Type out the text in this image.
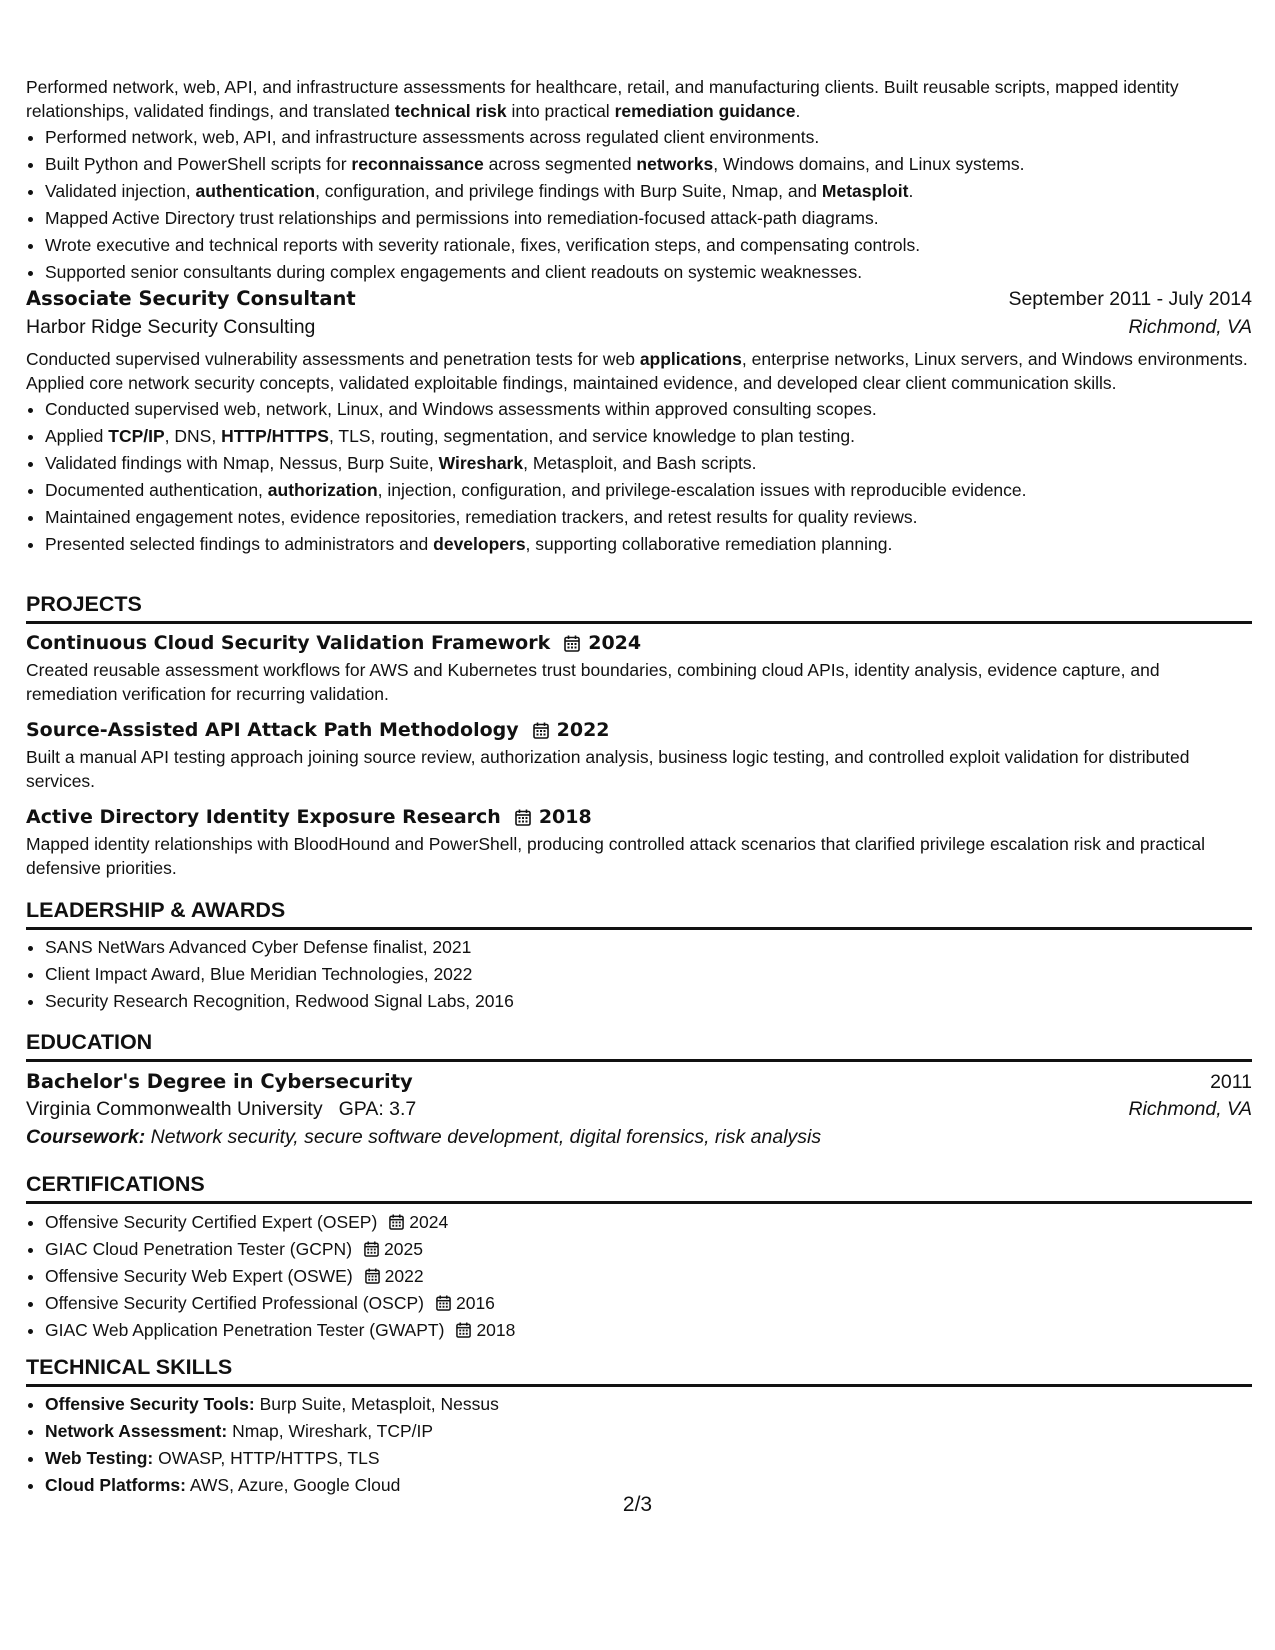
Performed network, web, API, and infrastructure assessments for healthcare, retail, and manufacturing clients. Built reusable scripts, mapped identity relationships, validated findings, and translated technical risk into practical remediation guidance.

• Performed network, web, API, and infrastructure assessments across regulated client environments.
• Built Python and PowerShell scripts for reconnaissance across segmented networks, Windows domains, and Linux systems.
• Validated injection, authentication, configuration, and privilege findings with Burp Suite, Nmap, and Metasploit.
• Mapped Active Directory trust relationships and permissions into remediation-focused attack-path diagrams.
• Wrote executive and technical reports with severity rationale, fixes, verification steps, and compensating controls.
• Supported senior consultants during complex engagements and client readouts on systemic weaknesses.
Associate Security Consultant	September 2011 - July 2014
Harbor Ridge Security Consulting	Richmond, VA

Conducted supervised vulnerability assessments and penetration tests for web applications, enterprise networks, Linux servers, and Windows environments. Applied core network security concepts, validated exploitable findings, maintained evidence, and developed clear client communication skills.

• Conducted supervised web, network, Linux, and Windows assessments within approved consulting scopes.
• Applied TCP/IP, DNS, HTTP/HTTPS, TLS, routing, segmentation, and service knowledge to plan testing.
• Validated findings with Nmap, Nessus, Burp Suite, Wireshark, Metasploit, and Bash scripts.
• Documented authentication, authorization, injection, configuration, and privilege-escalation issues with reproducible evidence.
• Maintained engagement notes, evidence repositories, remediation trackers, and retest results for quality reviews.
• Presented selected findings to administrators and developers, supporting collaborative remediation planning.
PROJECTS
Continuous Cloud Security Validation Framework 2024

Created reusable assessment workflows for AWS and Kubernetes trust boundaries, combining cloud APIs, identity analysis, evidence capture, and remediation verification for recurring validation.

Source-Assisted API Attack Path Methodology 2022

Built a manual API testing approach joining source review, authorization analysis, business logic testing, and controlled exploit validation for distributed services.

Active Directory Identity Exposure Research 2018

Mapped identity relationships with BloodHound and PowerShell, producing controlled attack scenarios that clarified privilege escalation risk and practical defensive priorities.

LEADERSHIP & AWARDS
• SANS NetWars Advanced Cyber Defense finalist, 2021
• Client Impact Award, Blue Meridian Technologies, 2022
• Security Research Recognition, Redwood Signal Labs, 2016
EDUCATION
Bachelor's Degree in Cybersecurity	2011
Virginia Commonwealth University GPA: 3.7	Richmond, VA
Coursework: Network security, secure software development, digital forensics, risk analysis
CERTIFICATIONS
• Offensive Security Certified Expert (OSEP) 2024
• GIAC Cloud Penetration Tester (GCPN) 2025
• Offensive Security Web Expert (OSWE) 2022
• Offensive Security Certified Professional (OSCP) 2016
• GIAC Web Application Penetration Tester (GWAPT) 2018
TECHNICAL SKILLS
• Offensive Security Tools: Burp Suite, Metasploit, Nessus
• Network Assessment: Nmap, Wireshark, TCP/IP
• Web Testing: OWASP, HTTP/HTTPS, TLS
• Cloud Platforms: AWS, Azure, Google Cloud
2/3
